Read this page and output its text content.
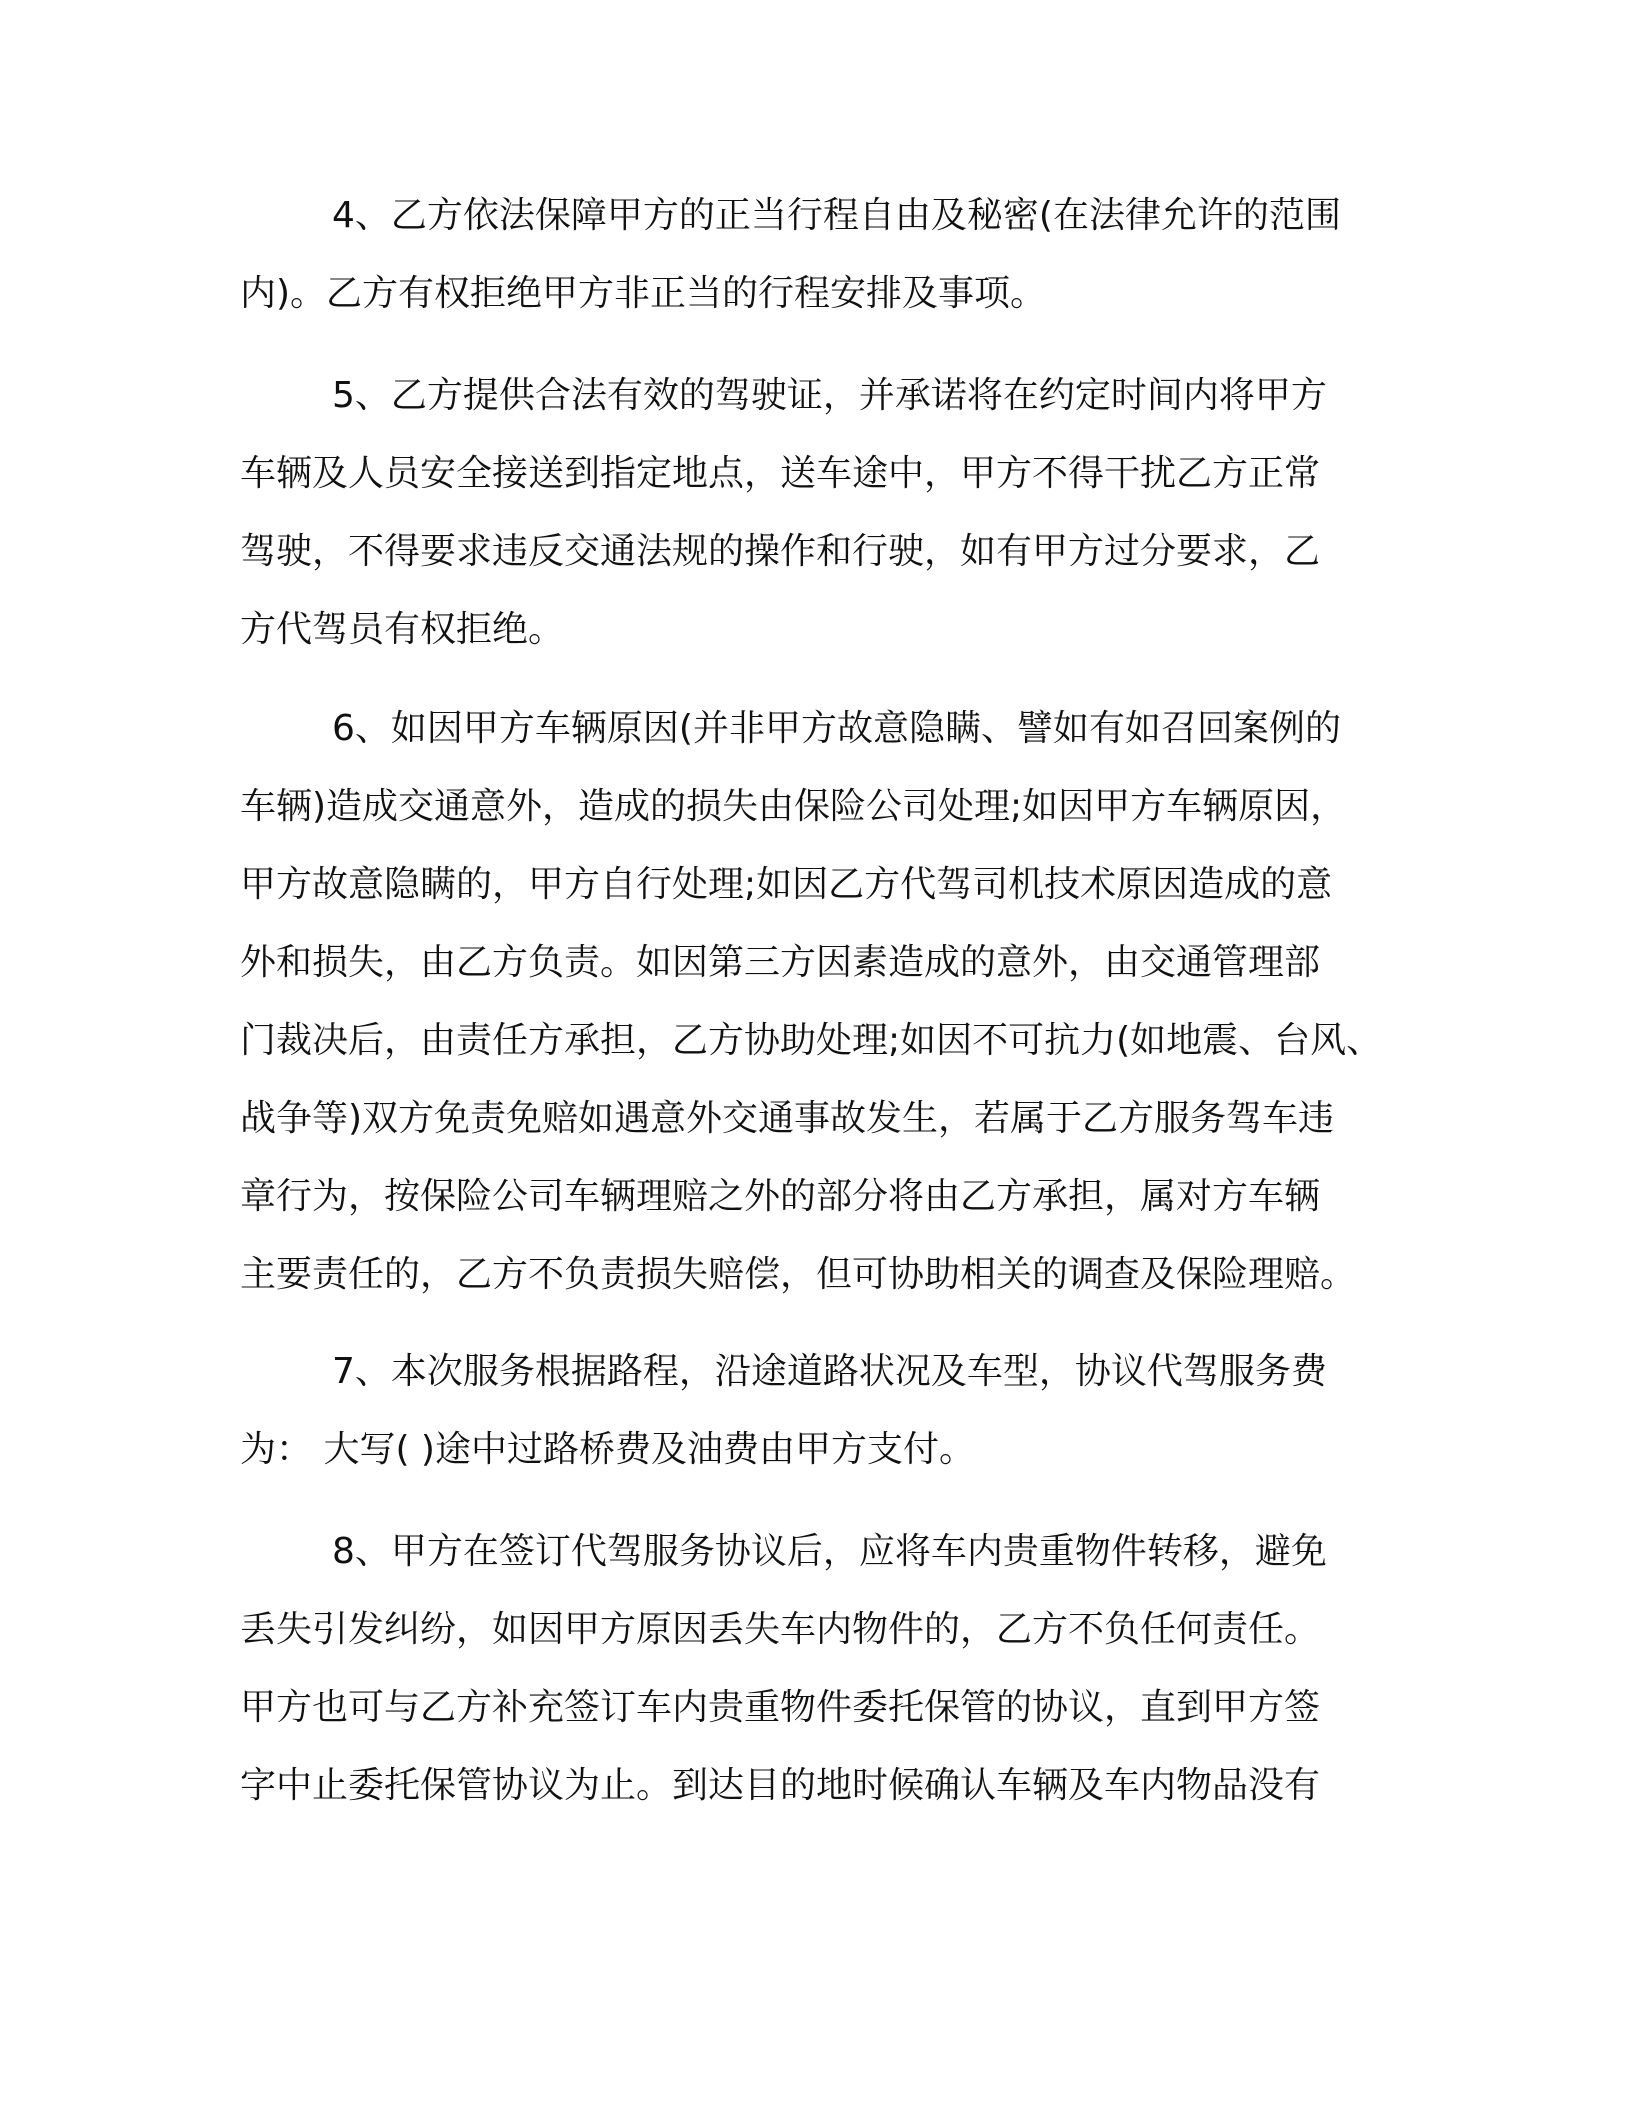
4、乙方依法保障甲方的正当行程自由及秘密(在法律允许的范围
内)。乙方有权拒绝甲方非正当的行程安排及事项。

5、乙方提供合法有效的驾驶证，并承诺将在约定时间内将甲方
车辆及人员安全接送到指定地点，送车途中，甲方不得干扰乙方正常
驾驶，不得要求违反交通法规的操作和行驶，如有甲方过分要求，乙
方代驾员有权拒绝。

6、如因甲方车辆原因(并非甲方故意隐瞒、譬如有如召回案例的
车辆)造成交通意外，造成的损失由保险公司处理;如因甲方车辆原因，
甲方故意隐瞒的，甲方自行处理;如因乙方代驾司机技术原因造成的意
外和损失，由乙方负责。如因第三方因素造成的意外，由交通管理部
门裁决后，由责任方承担，乙方协助处理;如因不可抗力(如地震、台风、
战争等)双方免责免赔如遇意外交通事故发生，若属于乙方服务驾车违
章行为，按保险公司车辆理赔之外的部分将由乙方承担，属对方车辆
主要责任的，乙方不负责损失赔偿，但可协助相关的调查及保险理赔。

7、本次服务根据路程，沿途道路状况及车型，协议代驾服务费
为： 大写( )途中过路桥费及油费由甲方支付。

8、甲方在签订代驾服务协议后，应将车内贵重物件转移，避免
丢失引发纠纷，如因甲方原因丢失车内物件的，乙方不负任何责任。
甲方也可与乙方补充签订车内贵重物件委托保管的协议，直到甲方签
字中止委托保管协议为止。到达目的地时候确认车辆及车内物品没有
